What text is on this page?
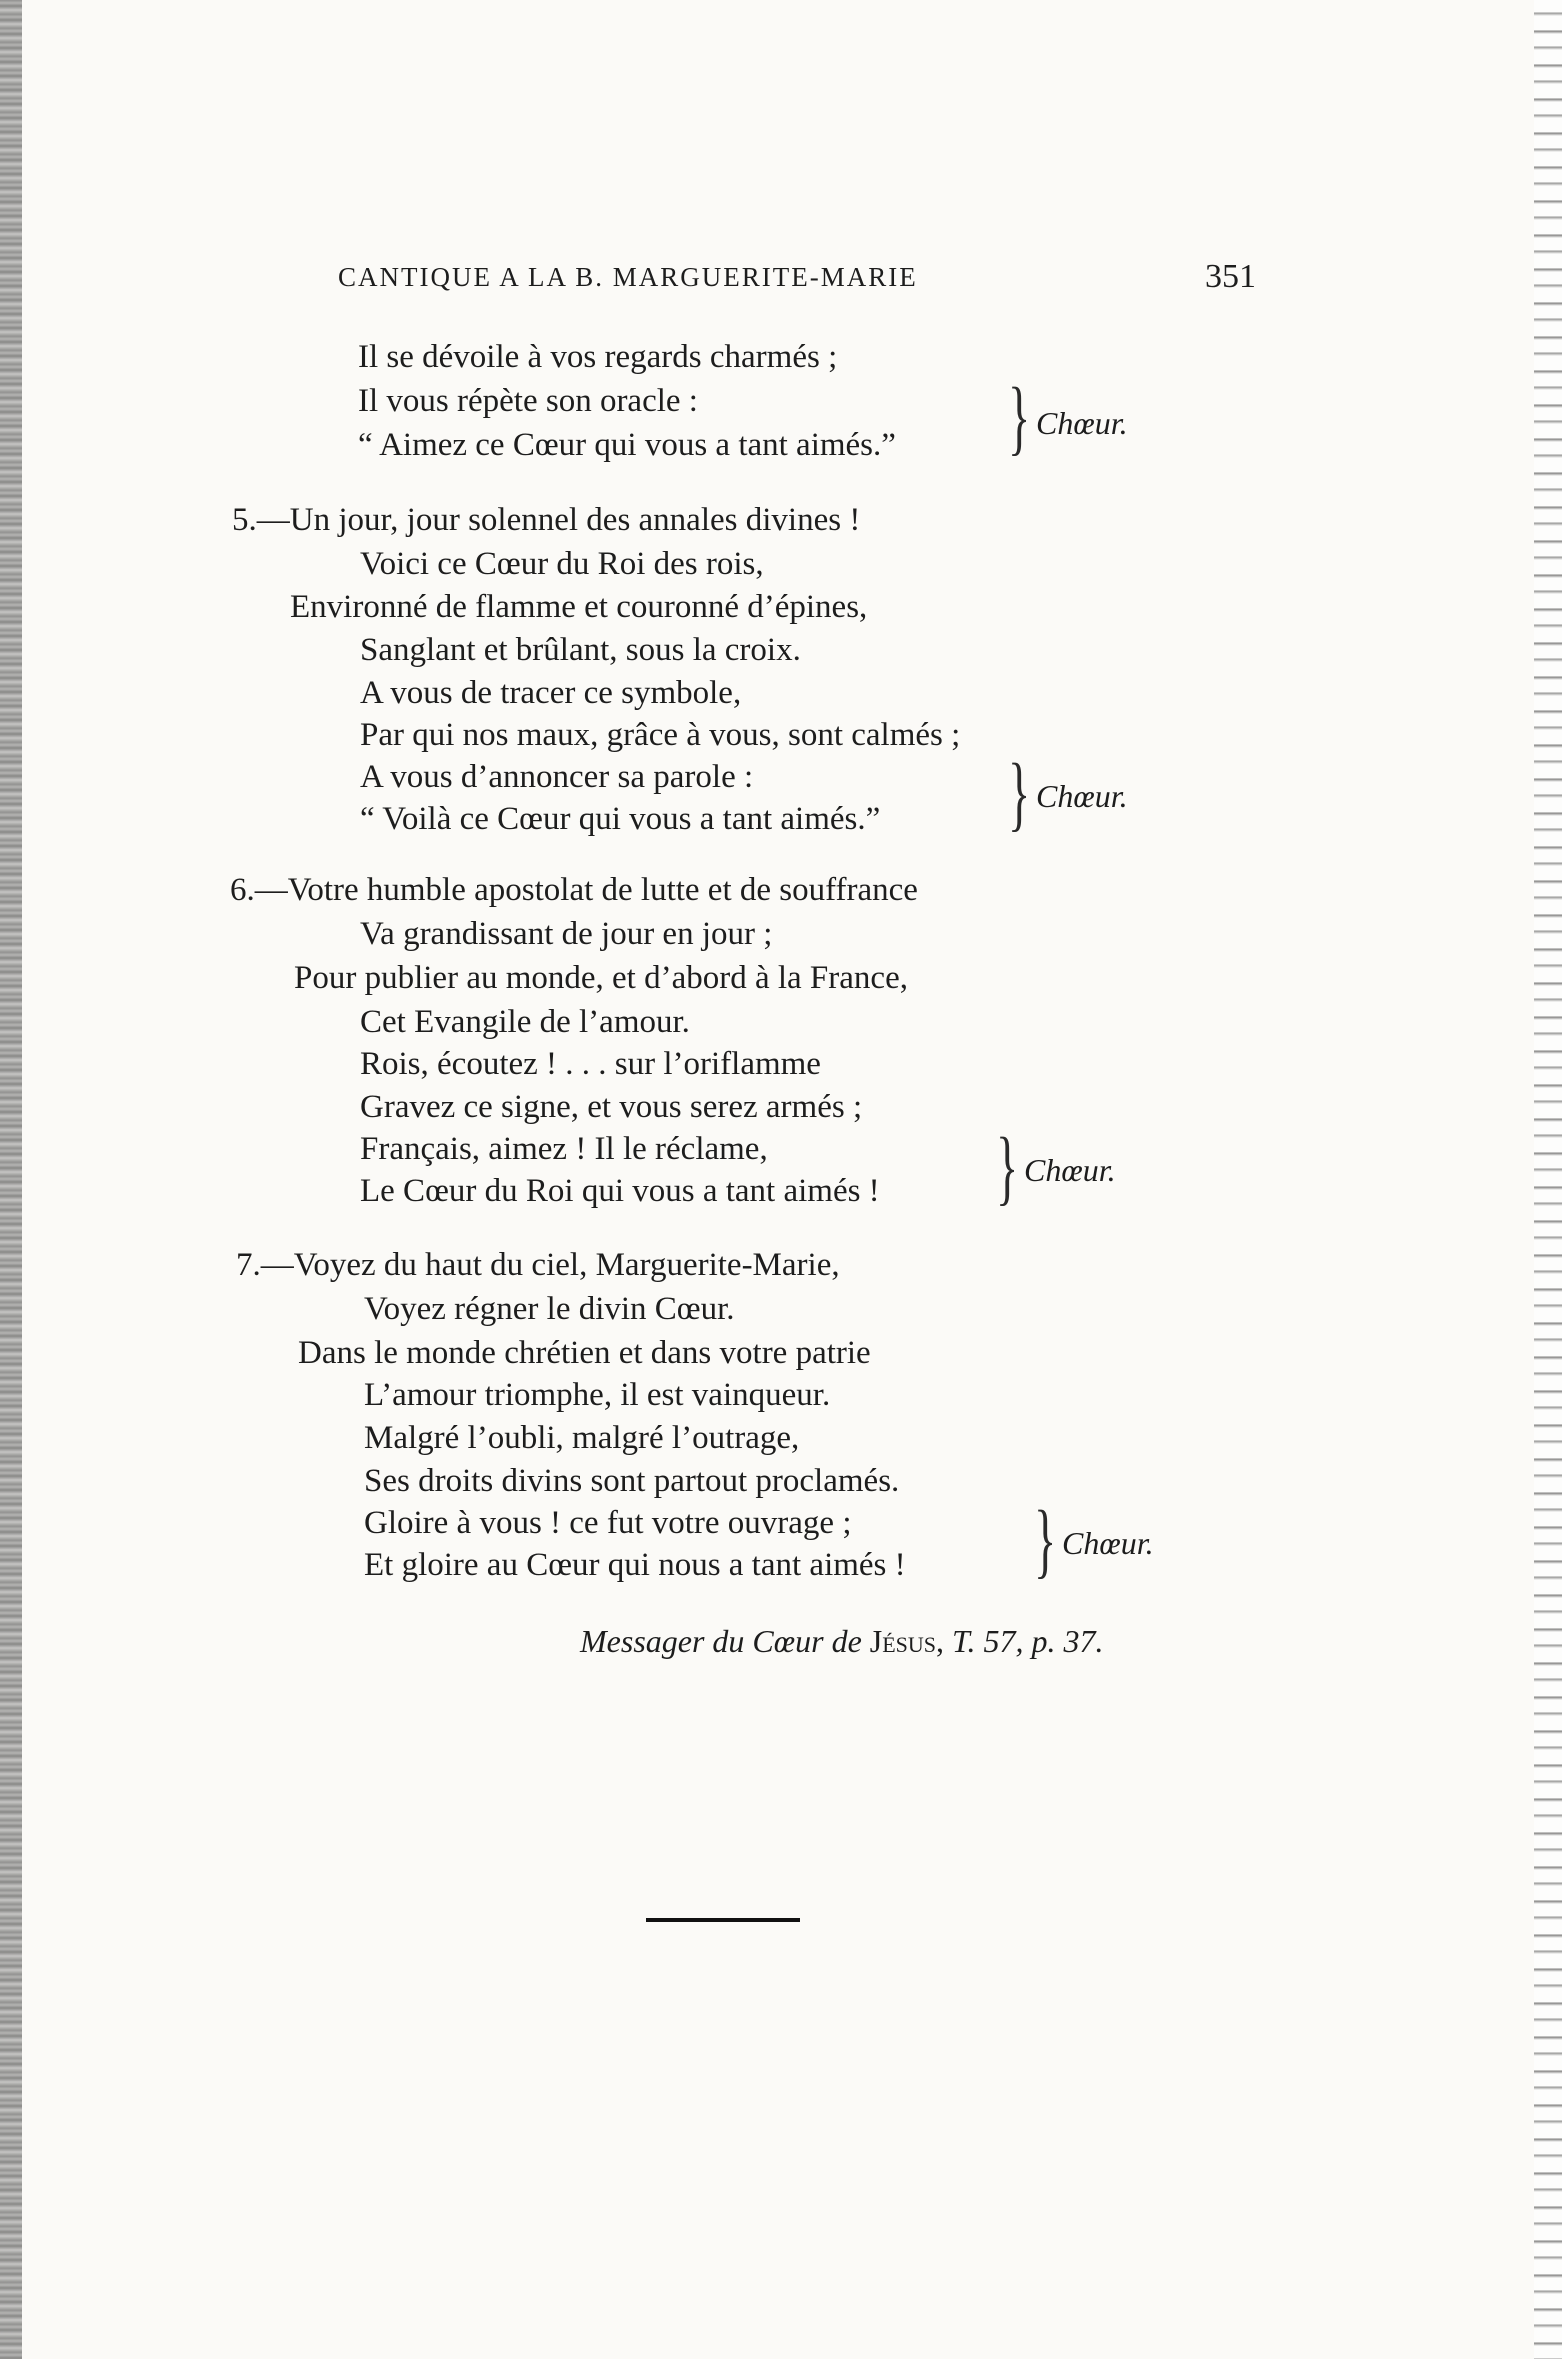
CANTIQUE A LA B. MARGUERITE-MARIE	351
Il se dévoile à vos regards charmés ;
Il vous répète son oracle :
“ Aimez ce Cœur qui vous a tant aimés.” } Chœur.
5.—Un jour, jour solennel des annales divines !
Voici ce Cœur du Roi des rois,
Environné de flamme et couronné d’épines,
Sanglant et brûlant, sous la croix.
A vous de tracer ce symbole,
Par qui nos maux, grâce à vous, sont calmés ;
A vous d’annoncer sa parole :
“ Voilà ce Cœur qui vous a tant aimés.” } Chœur.
6.—Votre humble apostolat de lutte et de souffrance
Va grandissant de jour en jour ;
Pour publier au monde, et d’abord à la France,
Cet Evangile de l’amour.
Rois, écoutez ! . . . sur l’oriflamme
Gravez ce signe, et vous serez armés ;
Français, aimez ! Il le réclame,
Le Cœur du Roi qui vous a tant aimés ! } Chœur.
7.—Voyez du haut du ciel, Marguerite-Marie,
Voyez régner le divin Cœur.
Dans le monde chrétien et dans votre patrie
L’amour triomphe, il est vainqueur.
Malgré l’oubli, malgré l’outrage,
Ses droits divins sont partout proclamés.
Gloire à vous ! ce fut votre ouvrage ;
Et gloire au Cœur qui nous a tant aimés ! } Chœur.
Messager du Cœur de Jésus, T. 57, p. 37.
